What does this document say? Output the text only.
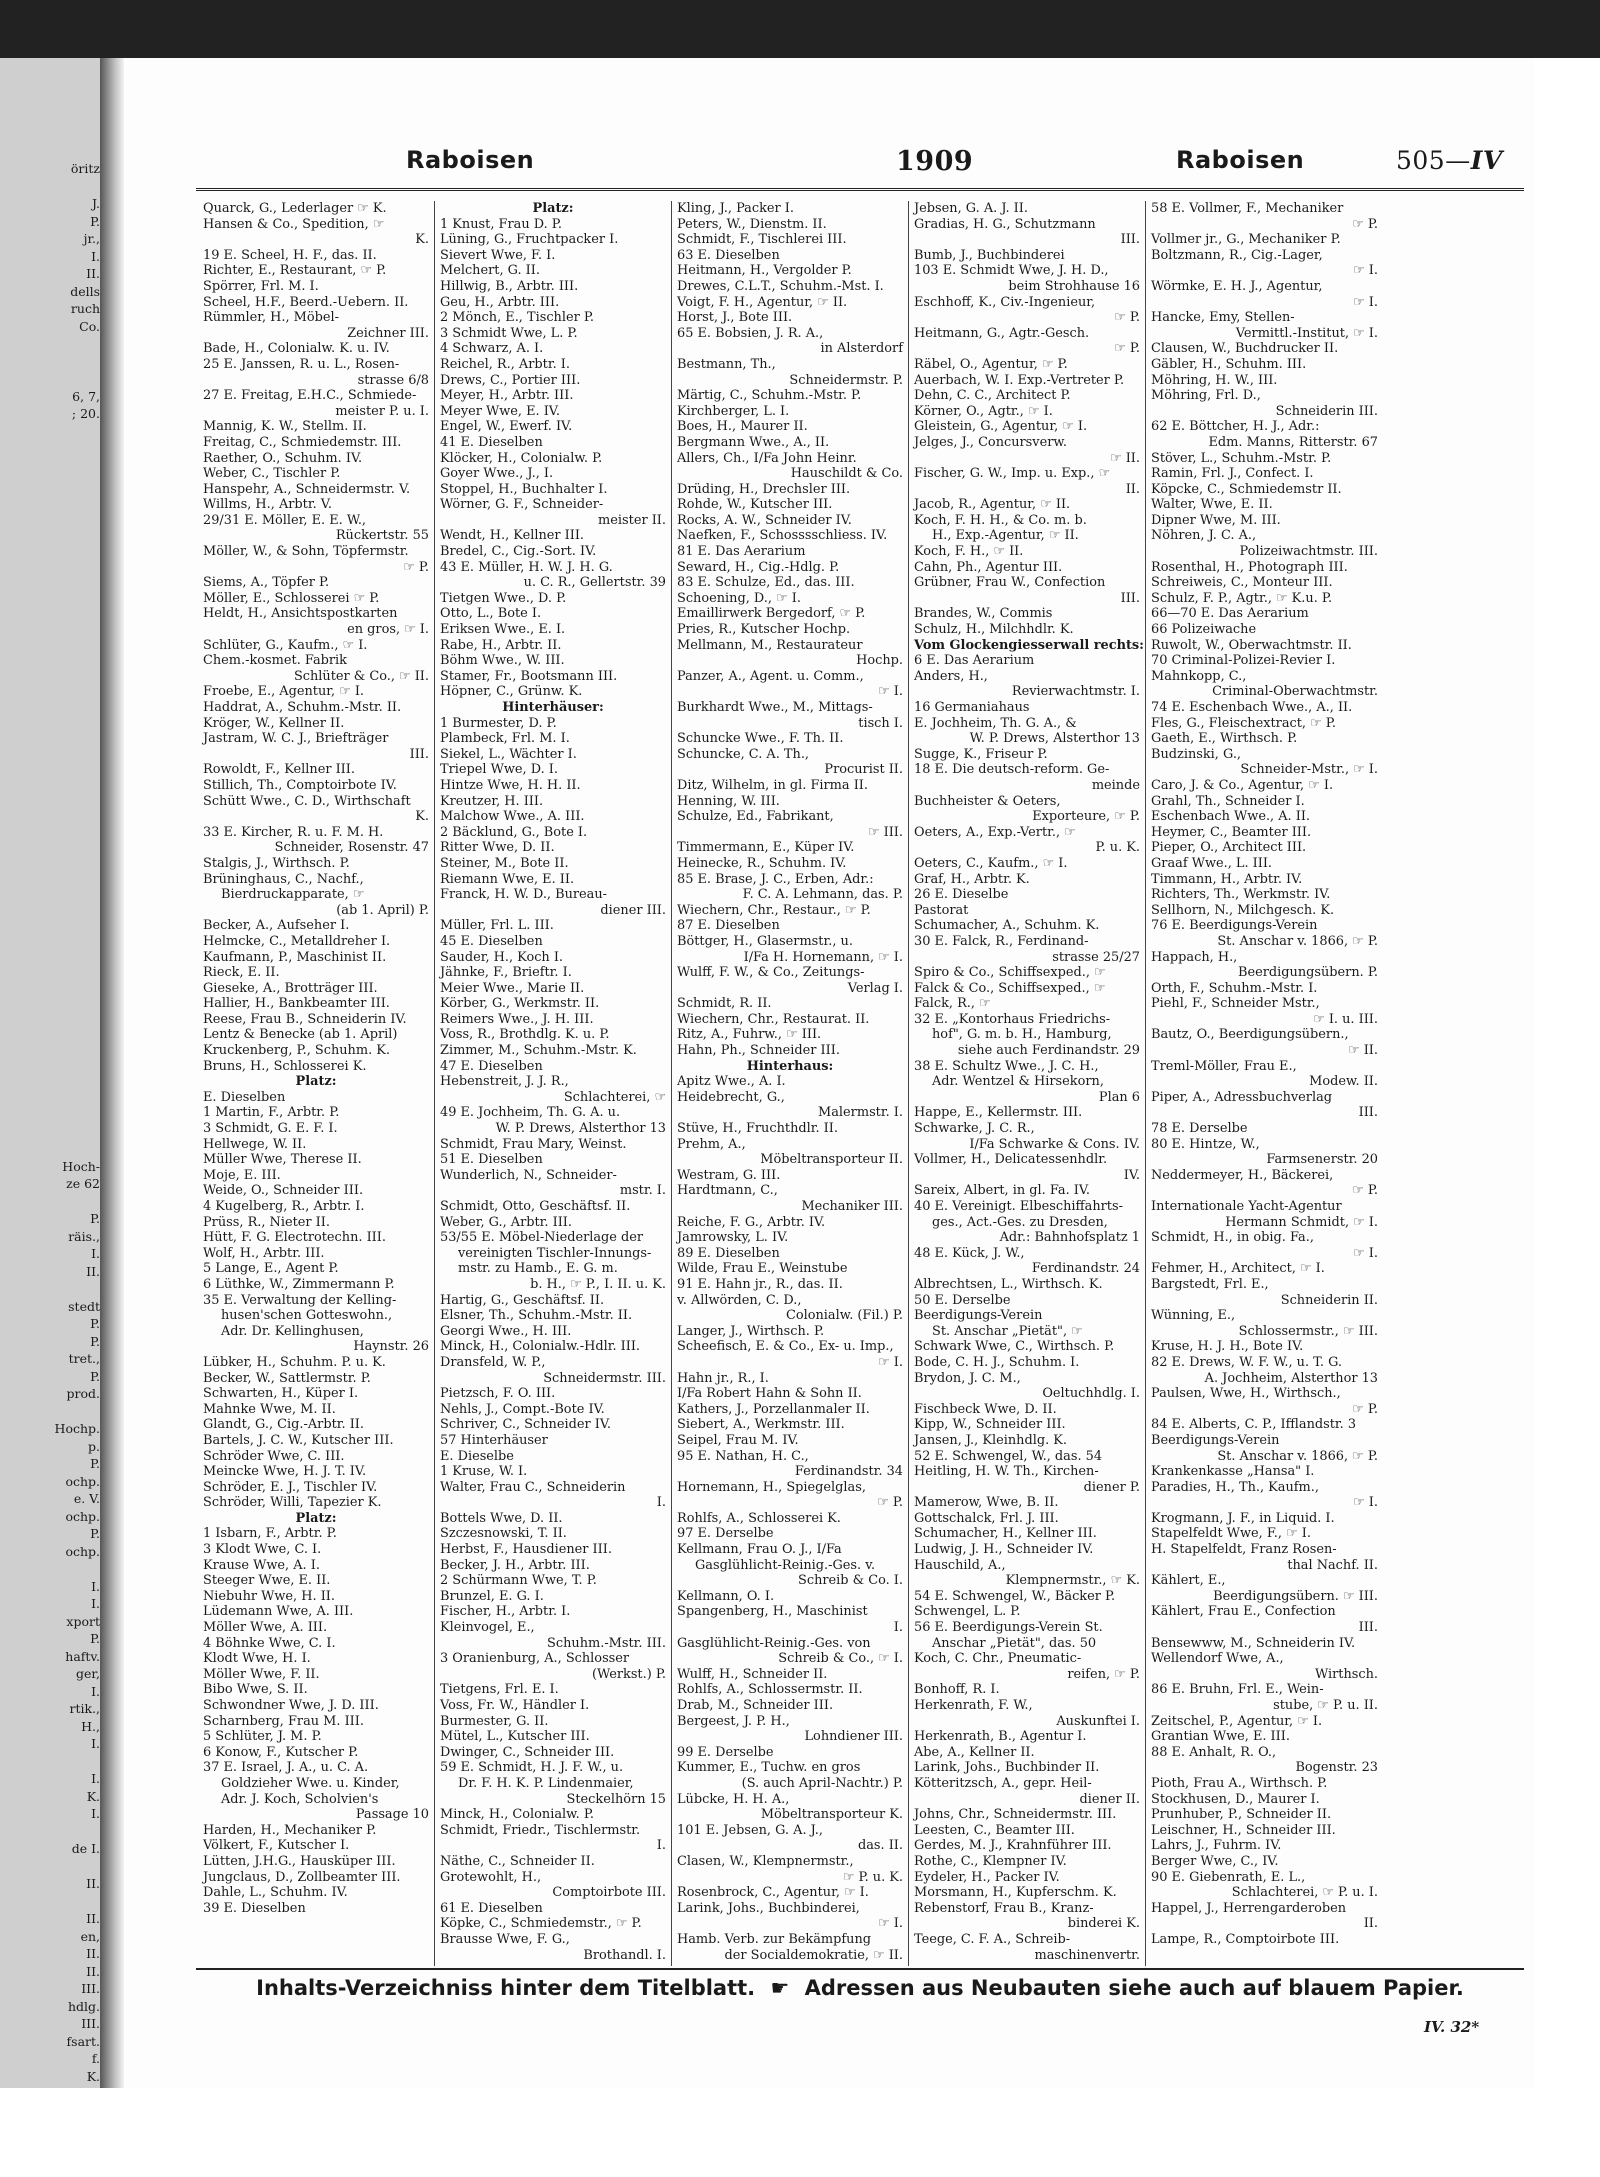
öritz

J.
P.
jr.,
I.
II.
dells
ruch
Co.

6, 7,
; 20.

Hoch-
ze 62

P.
räis.,
I.
II.

stedt
P.
P.
tret.,
P.
prod.

Hochp.
p.
P.
ochp.
e. V.
ochp.
P.
ochp.

I.
I.
xport
P.
haftv.
ger,
I.
rtik.,
H.,
I.

I.
K.
I.

de I.

II.

II.
en,
II.
II.
III.
hdlg.
III.
fsart.
f.
K.
Raboisen	1909	Raboisen	505—IV
Quarck, G., Lederlager ☞ K.
Hansen & Co., Spedition, ☞
K.
19 E. Scheel, H. F., das. II.
Richter, E., Restaurant, ☞ P.
Spörrer, Frl. M. I.
Scheel, H.F., Beerd.-Uebern. II.
Rümmler, H., Möbel-
Zeichner III.
Bade, H., Colonialw. K. u. IV.
25 E. Janssen, R. u. L., Rosen-
strasse 6/8
27 E. Freitag, E.H.C., Schmiede-
meister P. u. I.
Mannig, K. W., Stellm. II.
Freitag, C., Schmiedemstr. III.
Raether, O., Schuhm. IV.
Weber, C., Tischler P.
Hanspehr, A., Schneidermstr. V.
Willms, H., Arbtr. V.
29/31 E. Möller, E. E. W.,
Rückertstr. 55
Möller, W., & Sohn, Töpfermstr.
☞ P.
Siems, A., Töpfer P.
Möller, E., Schlosserei ☞ P.
Heldt, H., Ansichtspostkarten
en gros, ☞ I.
Schlüter, G., Kaufm., ☞ I.
Chem.-kosmet. Fabrik
Schlüter & Co., ☞ II.
Froebe, E., Agentur, ☞ I.
Haddrat, A., Schuhm.-Mstr. II.
Kröger, W., Kellner II.
Jastram, W. C. J., Briefträger
III.
Rowoldt, F., Kellner III.
Stillich, Th., Comptoirbote IV.
Schütt Wwe., C. D., Wirthschaft
K.
33 E. Kircher, R. u. F. M. H.
Schneider, Rosenstr. 47
Stalgis, J., Wirthsch. P.
Brüninghaus, C., Nachf.,
Bierdruckapparate, ☞
(ab 1. April) P.
Becker, A., Aufseher I.
Helmcke, C., Metalldreher I.
Kaufmann, P., Maschinist II.
Rieck, E. II.
Gieseke, A., Brotträger III.
Hallier, H., Bankbeamter III.
Reese, Frau B., Schneiderin IV.
Lentz & Benecke (ab 1. April)
Kruckenberg, P., Schuhm. K.
Bruns, H., Schlosserei K.
Platz:
E. Dieselben
1 Martin, F., Arbtr. P.
3 Schmidt, G. E. F. I.
Hellwege, W. II.
Müller Wwe, Therese II.
Moje, E. III.
Weide, O., Schneider III.
4 Kugelberg, R., Arbtr. I.
Prüss, R., Nieter II.
Hütt, F. G. Electrotechn. III.
Wolf, H., Arbtr. III.
5 Lange, E., Agent P.
6 Lüthke, W., Zimmermann P.
35 E. Verwaltung der Kelling-
husen'schen Gotteswohn.,
Adr. Dr. Kellinghusen,
Haynstr. 26
Lübker, H., Schuhm. P. u. K.
Becker, W., Sattlermstr. P.
Schwarten, H., Küper I.
Mahnke Wwe, M. II.
Glandt, G., Cig.-Arbtr. II.
Bartels, J. C. W., Kutscher III.
Schröder Wwe, C. III.
Meincke Wwe, H. J. T. IV.
Schröder, E. J., Tischler IV.
Schröder, Willi, Tapezier K.
Platz:
1 Isbarn, F., Arbtr. P.
3 Klodt Wwe, C. I.
Krause Wwe, A. I.
Steeger Wwe, E. II.
Niebuhr Wwe, H. II.
Lüdemann Wwe, A. III.
Möller Wwe, A. III.
4 Böhnke Wwe, C. I.
Klodt Wwe, H. I.
Möller Wwe, F. II.
Bibo Wwe, S. II.
Schwondner Wwe, J. D. III.
Scharnberg, Frau M. III.
5 Schlüter, J. M. P.
6 Konow, F., Kutscher P.
37 E. Israel, J. A., u. C. A.
Goldzieher Wwe. u. Kinder,
Adr. J. Koch, Scholvien's
Passage 10
Harden, H., Mechaniker P.
Völkert, F., Kutscher I.
Lütten, J.H.G., Hausküper III.
Jungclaus, D., Zollbeamter III.
Dahle, L., Schuhm. IV.
39 E. Dieselben
Platz:
1 Knust, Frau D. P.
Lüning, G., Fruchtpacker I.
Sievert Wwe, F. I.
Melchert, G. II.
Hillwig, B., Arbtr. III.
Geu, H., Arbtr. III.
2 Mönch, E., Tischler P.
3 Schmidt Wwe, L. P.
4 Schwarz, A. I.
Reichel, R., Arbtr. I.
Drews, C., Portier III.
Meyer, H., Arbtr. III.
Meyer Wwe, E. IV.
Engel, W., Ewerf. IV.
41 E. Dieselben
Klöcker, H., Colonialw. P.
Goyer Wwe., J., I.
Stoppel, H., Buchhalter I.
Wörner, G. F., Schneider-
meister II.
Wendt, H., Kellner III.
Bredel, C., Cig.-Sort. IV.
43 E. Müller, H. W. J. H. G.
u. C. R., Gellertstr. 39
Tietgen Wwe., D. P.
Otto, L., Bote I.
Eriksen Wwe., E. I.
Rabe, H., Arbtr. II.
Böhm Wwe., W. III.
Stamer, Fr., Bootsmann III.
Höpner, C., Grünw. K.
Hinterhäuser:
1 Burmester, D. P.
Plambeck, Frl. M. I.
Siekel, L., Wächter I.
Triepel Wwe, D. I.
Hintze Wwe, H. H. II.
Kreutzer, H. III.
Malchow Wwe., A. III.
2 Bäcklund, G., Bote I.
Ritter Wwe, D. II.
Steiner, M., Bote II.
Riemann Wwe, E. II.
Franck, H. W. D., Bureau-
diener III.
Müller, Frl. L. III.
45 E. Dieselben
Sauder, H., Koch I.
Jähnke, F., Brieftr. I.
Meier Wwe., Marie II.
Körber, G., Werkmstr. II.
Reimers Wwe., J. H. III.
Voss, R., Brothdlg. K. u. P.
Zimmer, M., Schuhm.-Mstr. K.
47 E. Dieselben
Hebenstreit, J. J. R.,
Schlachterei, ☞
49 E. Jochheim, Th. G. A. u.
W. P. Drews, Alsterthor 13
Schmidt, Frau Mary, Weinst.
51 E. Dieselben
Wunderlich, N., Schneider-
mstr. I.
Schmidt, Otto, Geschäftsf. II.
Weber, G., Arbtr. III.
53/55 E. Möbel-Niederlage der
vereinigten Tischler-Innungs-
mstr. zu Hamb., E. G. m.
b. H., ☞ P., I. II. u. K.
Hartig, G., Geschäftsf. II.
Elsner, Th., Schuhm.-Mstr. II.
Georgi Wwe., H. III.
Minck, H., Colonialw.-Hdlr. III.
Dransfeld, W. P.,
Schneidermstr. III.
Pietzsch, F. O. III.
Nehls, J., Compt.-Bote IV.
Schriver, C., Schneider IV.
57 Hinterhäuser
E. Dieselbe
1 Kruse, W. I.
Walter, Frau C., Schneiderin
I.
Bottels Wwe, D. II.
Szczesnowski, T. II.
Herbst, F., Hausdiener III.
Becker, J. H., Arbtr. III.
2 Schürmann Wwe, T. P.
Brunzel, E. G. I.
Fischer, H., Arbtr. I.
Kleinvogel, E.,
Schuhm.-Mstr. III.
3 Oranienburg, A., Schlosser
(Werkst.) P.
Tietgens, Frl. E. I.
Voss, Fr. W., Händler I.
Burmester, G. II.
Mütel, L., Kutscher III.
Dwinger, C., Schneider III.
59 E. Schmidt, H. J. F. W., u.
Dr. F. H. K. P. Lindenmaier,
Steckelhörn 15
Minck, H., Colonialw. P.
Schmidt, Friedr., Tischlermstr.
I.
Näthe, C., Schneider II.
Grotewohlt, H.,
Comptoirbote III.
61 E. Dieselben
Köpke, C., Schmiedemstr., ☞ P.
Brausse Wwe, F. G.,
Brothandl. I.
Kling, J., Packer I.
Peters, W., Dienstm. II.
Schmidt, F., Tischlerei III.
63 E. Dieselben
Heitmann, H., Vergolder P.
Drewes, C.L.T., Schuhm.-Mst. I.
Voigt, F. H., Agentur, ☞ II.
Horst, J., Bote III.
65 E. Bobsien, J. R. A.,
in Alsterdorf
Bestmann, Th.,
Schneidermstr. P.
Märtig, C., Schuhm.-Mstr. P.
Kirchberger, L. I.
Boes, H., Maurer II.
Bergmann Wwe., A., II.
Allers, Ch., I/Fa John Heinr.
Hauschildt & Co.
Drüding, H., Drechsler III.
Rohde, W., Kutscher III.
Rocks, A. W., Schneider IV.
Naefken, F., Schosssschliess. IV.
81 E. Das Aerarium
Seward, H., Cig.-Hdlg. P.
83 E. Schulze, Ed., das. III.
Schoening, D., ☞ I.
Emaillirwerk Bergedorf, ☞ P.
Pries, R., Kutscher Hochp.
Mellmann, M., Restaurateur
Hochp.
Panzer, A., Agent. u. Comm.,
☞ I.
Burkhardt Wwe., M., Mittags-
tisch I.
Schuncke Wwe., F. Th. II.
Schuncke, C. A. Th.,
Procurist II.
Ditz, Wilhelm, in gl. Firma II.
Henning, W. III.
Schulze, Ed., Fabrikant,
☞ III.
Timmermann, E., Küper IV.
Heinecke, R., Schuhm. IV.
85 E. Brase, J. C., Erben, Adr.:
F. C. A. Lehmann, das. P.
Wiechern, Chr., Restaur., ☞ P.
87 E. Dieselben
Böttger, H., Glasermstr., u.
I/Fa H. Hornemann, ☞ I.
Wulff, F. W., & Co., Zeitungs-
Verlag I.
Schmidt, R. II.
Wiechern, Chr., Restaurat. II.
Ritz, A., Fuhrw., ☞ III.
Hahn, Ph., Schneider III.
Hinterhaus:
Apitz Wwe., A. I.
Heidebrecht, G.,
Malermstr. I.
Stüve, H., Fruchthdlr. II.
Prehm, A.,
Möbeltransporteur II.
Westram, G. III.
Hardtmann, C.,
Mechaniker III.
Reiche, F. G., Arbtr. IV.
Jamrowsky, L. IV.
89 E. Dieselben
Wilde, Frau E., Weinstube
91 E. Hahn jr., R., das. II.
v. Allwörden, C. D.,
Colonialw. (Fil.) P.
Langer, J., Wirthsch. P.
Scheefisch, E. & Co., Ex- u. Imp.,
☞ I.
Hahn jr., R., I.
I/Fa Robert Hahn & Sohn II.
Kathers, J., Porzellanmaler II.
Siebert, A., Werkmstr. III.
Seipel, Frau M. IV.
95 E. Nathan, H. C.,
Ferdinandstr. 34
Hornemann, H., Spiegelglas,
☞ P.
Rohlfs, A., Schlosserei K.
97 E. Derselbe
Kellmann, Frau O. J., I/Fa
Gasglühlicht-Reinig.-Ges. v.
Schreib & Co. I.
Kellmann, O. I.
Spangenberg, H., Maschinist
I.
Gasglühlicht-Reinig.-Ges. von
Schreib & Co., ☞ I.
Wulff, H., Schneider II.
Rohlfs, A., Schlossermstr. II.
Drab, M., Schneider III.
Bergeest, J. P. H.,
Lohndiener III.
99 E. Derselbe
Kummer, E., Tuchw. en gros
(S. auch April-Nachtr.) P.
Lübcke, H. H. A.,
Möbeltransporteur K.
101 E. Jebsen, G. A. J.,
das. II.
Clasen, W., Klempnermstr.,
☞ P. u. K.
Rosenbrock, C., Agentur, ☞ I.
Larink, Johs., Buchbinderei,
☞ I.
Hamb. Verb. zur Bekämpfung
der Socialdemokratie, ☞ II.
Jebsen, G. A. J. II.
Gradias, H. G., Schutzmann
III.
Bumb, J., Buchbinderei
103 E. Schmidt Wwe, J. H. D.,
beim Strohhause 16
Eschhoff, K., Civ.-Ingenieur,
☞ P.
Heitmann, G., Agtr.-Gesch.
☞ P.
Räbel, O., Agentur, ☞ P.
Auerbach, W. I. Exp.-Vertreter P.
Dehn, C. C., Architect P.
Körner, O., Agtr., ☞ I.
Gleistein, G., Agentur, ☞ I.
Jelges, J., Concursverw.
☞ II.
Fischer, G. W., Imp. u. Exp., ☞
II.
Jacob, R., Agentur, ☞ II.
Koch, F. H. H., & Co. m. b.
H., Exp.-Agentur, ☞ II.
Koch, F. H., ☞ II.
Cahn, Ph., Agentur III.
Grübner, Frau W., Confection
III.
Brandes, W., Commis
Schulz, H., Milchhdlr. K.
Vom Glockengiesserwall rechts:
6 E. Das Aerarium
Anders, H.,
Revierwachtmstr. I.
16 Germaniahaus
E. Jochheim, Th. G. A., &
W. P. Drews, Alsterthor 13
Sugge, K., Friseur P.
18 E. Die deutsch-reform. Ge-
meinde
Buchheister & Oeters,
Exporteure, ☞ P.
Oeters, A., Exp.-Vertr., ☞
P. u. K.
Oeters, C., Kaufm., ☞ I.
Graf, H., Arbtr. K.
26 E. Dieselbe
Pastorat
Schumacher, A., Schuhm. K.
30 E. Falck, R., Ferdinand-
strasse 25/27
Spiro & Co., Schiffsexped., ☞
Falck & Co., Schiffsexped., ☞
Falck, R., ☞
32 E. „Kontorhaus Friedrichs-
hof", G. m. b. H., Hamburg,
siehe auch Ferdinandstr. 29
38 E. Schultz Wwe., J. C. H.,
Adr. Wentzel & Hirsekorn,
Plan 6
Happe, E., Kellermstr. III.
Schwarke, J. C. R.,
I/Fa Schwarke & Cons. IV.
Vollmer, H., Delicatessenhdlr.
IV.
Sareix, Albert, in gl. Fa. IV.
40 E. Vereinigt. Elbeschiffahrts-
ges., Act.-Ges. zu Dresden,
Adr.: Bahnhofsplatz 1
48 E. Kück, J. W.,
Ferdinandstr. 24
Albrechtsen, L., Wirthsch. K.
50 E. Derselbe
Beerdigungs-Verein
St. Anschar „Pietät", ☞
Schwark Wwe, C., Wirthsch. P.
Bode, C. H. J., Schuhm. I.
Brydon, J. C. M.,
Oeltuchhdlg. I.
Fischbeck Wwe, D. II.
Kipp, W., Schneider III.
Jansen, J., Kleinhdlg. K.
52 E. Schwengel, W., das. 54
Heitling, H. W. Th., Kirchen-
diener P.
Mamerow, Wwe, B. II.
Gottschalck, Frl. J. III.
Schumacher, H., Kellner III.
Ludwig, J. H., Schneider IV.
Hauschild, A.,
Klempnermstr., ☞ K.
54 E. Schwengel, W., Bäcker P.
Schwengel, L. P.
56 E. Beerdigungs-Verein St.
Anschar „Pietät", das. 50
Koch, C. Chr., Pneumatic-
reifen, ☞ P.
Bonhoff, R. I.
Herkenrath, F. W.,
Auskunftei I.
Herkenrath, B., Agentur I.
Abe, A., Kellner II.
Larink, Johs., Buchbinder II.
Kötteritzsch, A., gepr. Heil-
diener II.
Johns, Chr., Schneidermstr. III.
Leesten, C., Beamter III.
Gerdes, M. J., Krahnführer III.
Rothe, C., Klempner IV.
Eydeler, H., Packer IV.
Morsmann, H., Kupferschm. K.
Rebenstorf, Frau B., Kranz-
binderei K.
Teege, C. F. A., Schreib-
maschinenvertr.
58 E. Vollmer, F., Mechaniker
☞ P.
Vollmer jr., G., Mechaniker P.
Boltzmann, R., Cig.-Lager,
☞ I.
Wörmke, E. H. J., Agentur,
☞ I.
Hancke, Emy, Stellen-
Vermittl.-Institut, ☞ I.
Clausen, W., Buchdrucker II.
Gäbler, H., Schuhm. III.
Möhring, H. W., III.
Möhring, Frl. D.,
Schneiderin III.
62 E. Böttcher, H. J., Adr.:
Edm. Manns, Ritterstr. 67
Stöver, L., Schuhm.-Mstr. P.
Ramin, Frl. J., Confect. I.
Köpcke, C., Schmiedemstr II.
Walter, Wwe, E. II.
Dipner Wwe, M. III.
Nöhren, J. C. A.,
Polizeiwachtmstr. III.
Rosenthal, H., Photograph III.
Schreiweis, C., Monteur III.
Schulz, F. P., Agtr., ☞ K.u. P.
66—70 E. Das Aerarium
66 Polizeiwache
Ruwolt, W., Oberwachtmstr. II.
70 Criminal-Polizei-Revier I.
Mahnkopp, C.,
Criminal-Oberwachtmstr.
74 E. Eschenbach Wwe., A., II.
Fles, G., Fleischextract, ☞ P.
Gaeth, E., Wirthsch. P.
Budzinski, G.,
Schneider-Mstr., ☞ I.
Caro, J. & Co., Agentur, ☞ I.
Grahl, Th., Schneider I.
Eschenbach Wwe., A. II.
Heymer, C., Beamter III.
Pieper, O., Architect III.
Graaf Wwe., L. III.
Timmann, H., Arbtr. IV.
Richters, Th., Werkmstr. IV.
Sellhorn, N., Milchgesch. K.
76 E. Beerdigungs-Verein
St. Anschar v. 1866, ☞ P.
Happach, H.,
Beerdigungsübern. P.
Orth, F., Schuhm.-Mstr. I.
Piehl, F., Schneider Mstr.,
☞ I. u. III.
Bautz, O., Beerdigungsübern.,
☞ II.
Treml-Möller, Frau E.,
Modew. II.
Piper, A., Adressbuchverlag
III.
78 E. Derselbe
80 E. Hintze, W.,
Farmsenerstr. 20
Neddermeyer, H., Bäckerei,
☞ P.
Internationale Yacht-Agentur
Hermann Schmidt, ☞ I.
Schmidt, H., in obig. Fa.,
☞ I.
Fehmer, H., Architect, ☞ I.
Bargstedt, Frl. E.,
Schneiderin II.
Wünning, E.,
Schlossermstr., ☞ III.
Kruse, H. J. H., Bote IV.
82 E. Drews, W. F. W., u. T. G.
A. Jochheim, Alsterthor 13
Paulsen, Wwe, H., Wirthsch.,
☞ P.
84 E. Alberts, C. P., Ifflandstr. 3
Beerdigungs-Verein
St. Anschar v. 1866, ☞ P.
Krankenkasse „Hansa" I.
Paradies, H., Th., Kaufm.,
☞ I.
Krogmann, J. F., in Liquid. I.
Stapelfeldt Wwe, F., ☞ I.
H. Stapelfeldt, Franz Rosen-
thal Nachf. II.
Kählert, E.,
Beerdigungsübern. ☞ III.
Kählert, Frau E., Confection
III.
Bensewww, M., Schneiderin IV.
Wellendorf Wwe, A.,
Wirthsch.
86 E. Bruhn, Frl. E., Wein-
stube, ☞ P. u. II.
Zeitschel, P., Agentur, ☞ I.
Grantian Wwe, E. III.
88 E. Anhalt, R. O.,
Bogenstr. 23
Pioth, Frau A., Wirthsch. P.
Stockhusen, D., Maurer I.
Prunhuber, P., Schneider II.
Leischner, H., Schneider III.
Lahrs, J., Fuhrm. IV.
Berger Wwe, C., IV.
90 E. Giebenrath, E. L.,
Schlachterei, ☞ P. u. I.
Happel, J., Herrengarderoben
II.
Lampe, R., Comptoirbote III.
Inhalts-Verzeichniss hinter dem Titelblatt. ☛ Adressen aus Neubauten siehe auch auf blauem Papier.
IV. 32*
